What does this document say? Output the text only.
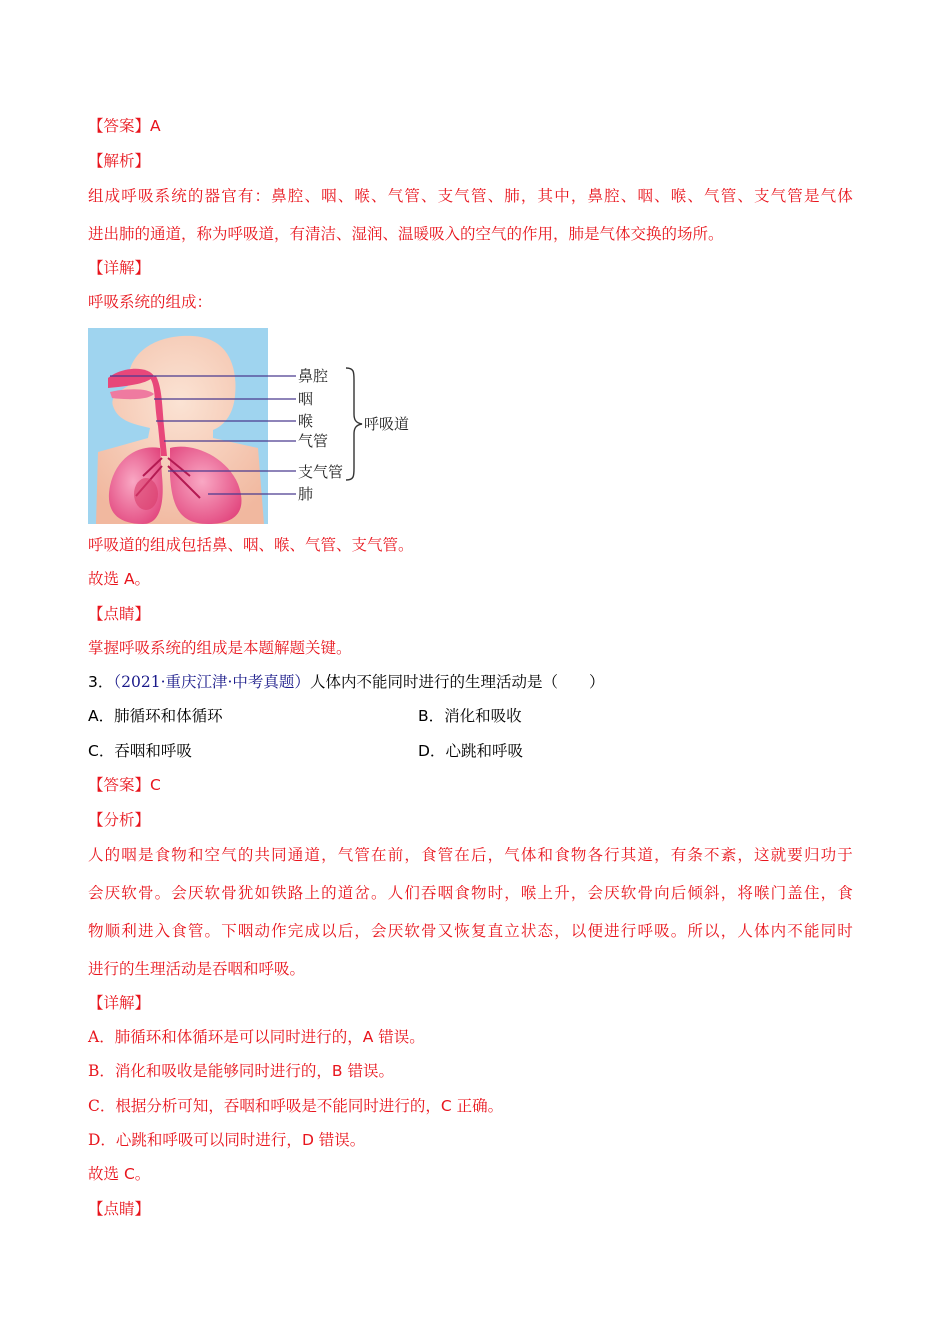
【答案】A
【解析】
组成呼吸系统的器官有：鼻腔、咽、喉、气管、支气管、肺，其中，鼻腔、咽、喉、气管、支气管是气体
进出肺的通道，称为呼吸道，有清洁、湿润、温暖吸入的空气的作用，肺是气体交换的场所。
【详解】
呼吸系统的组成：
鼻腔
咽
喉
气管
支气管
肺
呼吸道
呼吸道的组成包括鼻、咽、喉、气管、支气管。
故选 A。
【点睛】
掌握呼吸系统的组成是本题解题关键。
3．（2021·重庆江津·中考真题）人体内不能同时进行的生理活动是（　　）
A．肺循环和体循环	B．消化和吸收
C．吞咽和呼吸	D．心跳和呼吸
【答案】C
【分析】
人的咽是食物和空气的共同通道，气管在前，食管在后，气体和食物各行其道，有条不紊，这就要归功于
会厌软骨。会厌软骨犹如铁路上的道岔。人们吞咽食物时，喉上升，会厌软骨向后倾斜，将喉门盖住，食
物顺利进入食管。下咽动作完成以后，会厌软骨又恢复直立状态，以便进行呼吸。所以，人体内不能同时
进行的生理活动是吞咽和呼吸。
【详解】
A．肺循环和体循环是可以同时进行的，A 错误。
B．消化和吸收是能够同时进行的，B 错误。
C．根据分析可知，吞咽和呼吸是不能同时进行的，C 正确。
D．心跳和呼吸可以同时进行，D 错误。
故选 C。
【点睛】
